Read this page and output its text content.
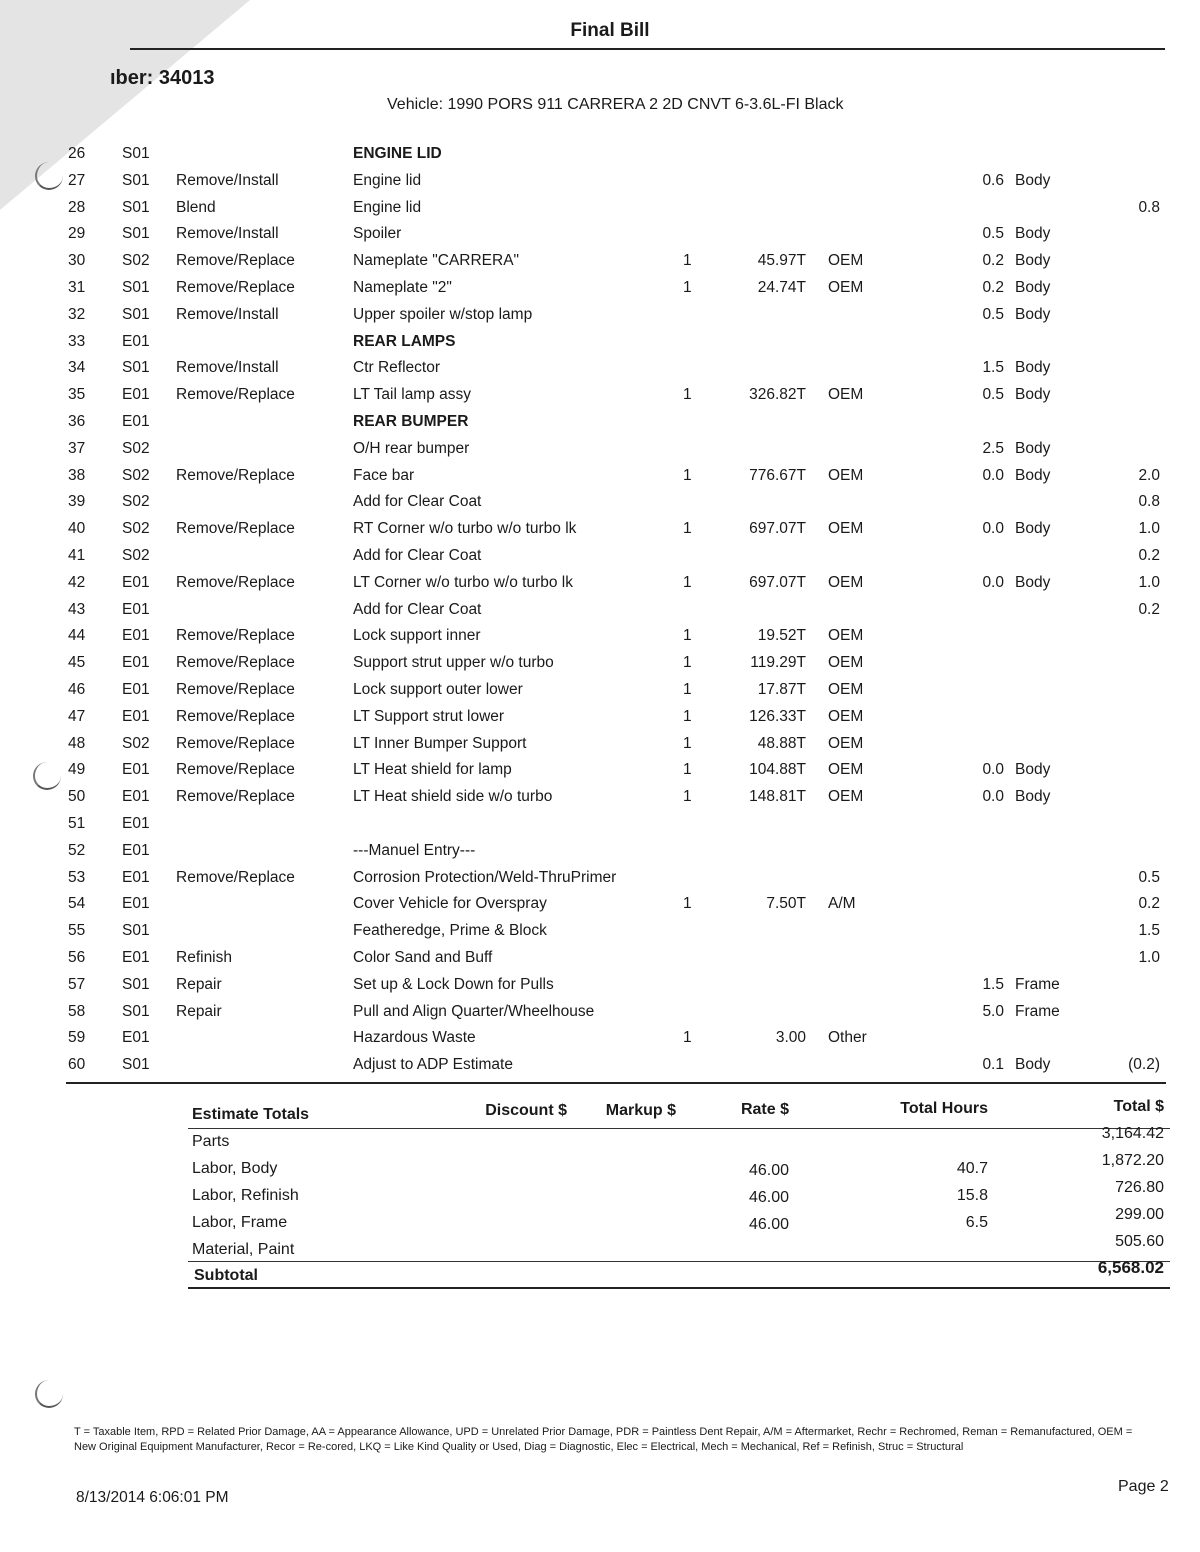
Final Bill
ıber: 34013
Vehicle: 1990 PORS 911 CARRERA 2 2D CNVT 6-3.6L-FI Black
26 S01	ENGINE LID
27 S01 Remove/Install	Engine lid	0.6 Body
28 S01 Blend	Engine lid	0.8
29 S01 Remove/Install	Spoiler	0.5 Body
30 S02 Remove/Replace	Nameplate "CARRERA"	1	45.97T OEM	0.2 Body
31 S01 Remove/Replace	Nameplate "2"	1	24.74T OEM	0.2 Body
32 S01 Remove/Install	Upper spoiler w/stop lamp	0.5 Body
33 E01	REAR LAMPS
34 S01 Remove/Install	Ctr Reflector	1.5 Body
35 E01 Remove/Replace	LT Tail lamp assy	1	326.82T OEM	0.5 Body
36 E01	REAR BUMPER
37 S02	O/H rear bumper	2.5 Body
38 S02 Remove/Replace	Face bar	1	776.67T OEM	0.0 Body	2.0
39 S02	Add for Clear Coat	0.8
40 S02 Remove/Replace	RT Corner w/o turbo w/o turbo lk	1	697.07T OEM	0.0 Body	1.0
41 S02	Add for Clear Coat	0.2
42 E01 Remove/Replace	LT Corner w/o turbo w/o turbo lk	1	697.07T OEM	0.0 Body	1.0
43 E01	Add for Clear Coat	0.2
44 E01 Remove/Replace	Lock support inner	1	19.52T OEM
45 E01 Remove/Replace	Support strut upper w/o turbo	1	119.29T OEM
46 E01 Remove/Replace	Lock support outer lower	1	17.87T OEM
47 E01 Remove/Replace	LT Support strut lower	1	126.33T OEM
48 S02 Remove/Replace	LT Inner Bumper Support	1	48.88T OEM
49 E01 Remove/Replace	LT Heat shield for lamp	1	104.88T OEM	0.0 Body
50 E01 Remove/Replace	LT Heat shield side w/o turbo	1	148.81T OEM	0.0 Body
51 E01
52 E01	---Manuel Entry---
53 E01 Remove/Replace	Corrosion Protection/Weld-ThruPrimer	0.5
54 E01	Cover Vehicle for Overspray	1	7.50T A/M	0.2
55 S01	Featheredge, Prime & Block	1.5
56 E01 Refinish	Color Sand and Buff	1.0
57 S01 Repair	Set up & Lock Down for Pulls	1.5 Frame
58 S01 Repair	Pull and Align Quarter/Wheelhouse	5.0 Frame
59 E01	Hazardous Waste	1	3.00 Other
60 S01	Adjust to ADP Estimate	0.1 Body	(0.2)
Estimate Totals	Discount $	Markup $	Rate $	Total Hours	Total $
Parts	3,164.42
Labor, Body	46.00	40.7	1,872.20
Labor, Refinish	46.00	15.8	726.80
Labor, Frame	46.00	6.5	299.00
Material, Paint	505.60
Subtotal	6,568.02
T = Taxable Item, RPD = Related Prior Damage, AA = Appearance Allowance, UPD = Unrelated Prior Damage, PDR = Paintless Dent Repair, A/M = Aftermarket, Rechr = Rechromed, Reman = Remanufactured, OEM = New Original Equipment Manufacturer, Recor = Re-cored, LKQ = Like Kind Quality or Used, Diag = Diagnostic, Elec = Electrical, Mech = Mechanical, Ref = Refinish, Struc = Structural
8/13/2014 6:06:01 PM
Page 2
